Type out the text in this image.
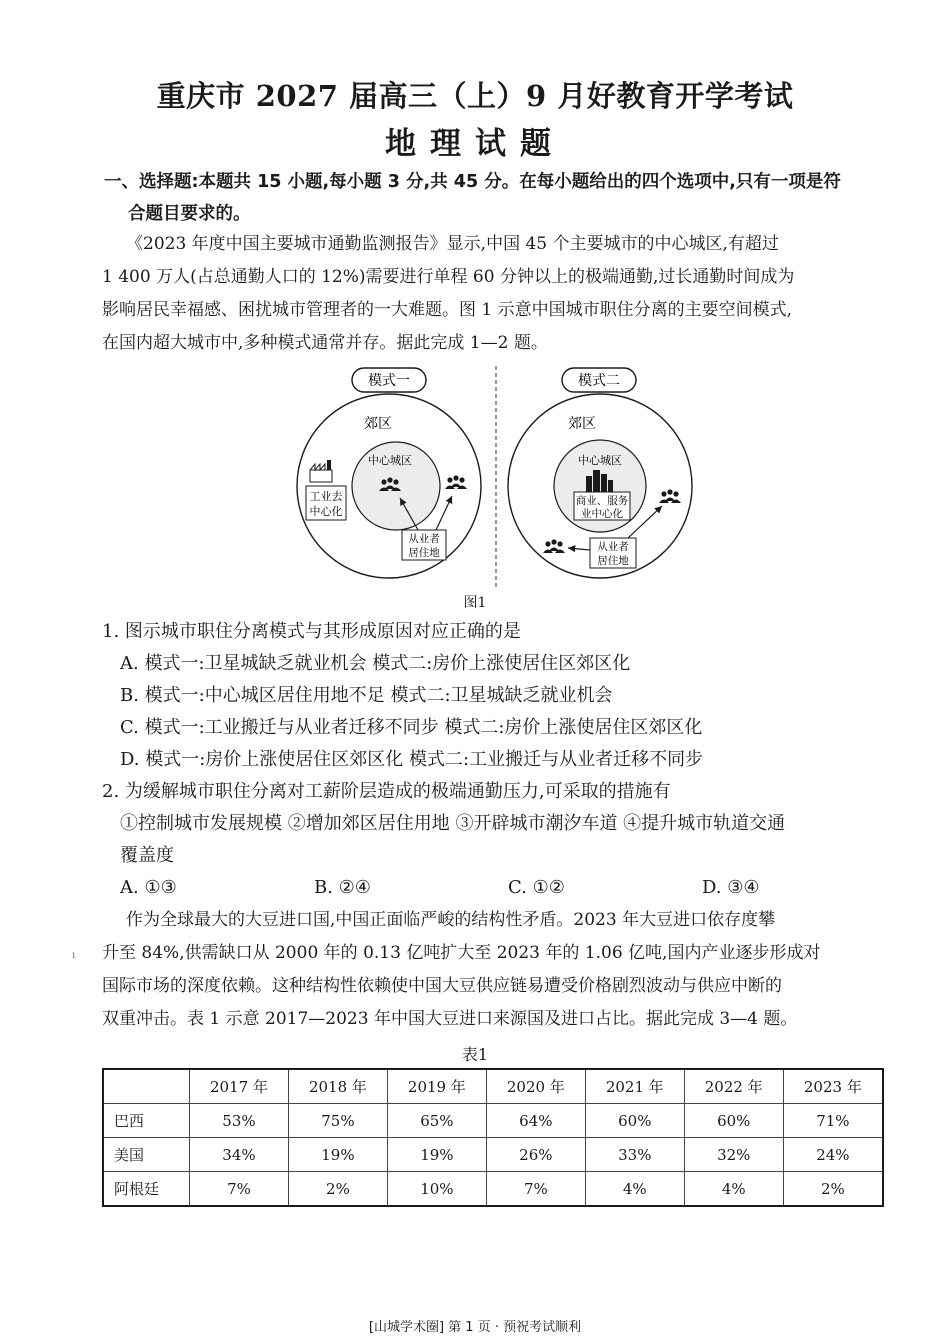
重庆市 2027 届高三（上）9 月好教育开学考试
地理试题
一、选择题:本题共 15 小题,每小题 3 分,共 45 分。在每小题给出的四个选项中,只有一项是符
合题目要求的。
《2023 年度中国主要城市通勤监测报告》显示,中国 45 个主要城市的中心城区,有超过
1 400 万人(占总通勤人口的 12%)需要进行单程 60 分钟以上的极端通勤,过长通勤时间成为
影响居民幸福感、困扰城市管理者的一大难题。图 1 示意中国城市职住分离的主要空间模式,
在国内超大城市中,多种模式通常并存。据此完成 1—2 题。
模式一
郊区
中心城区
工业去
中心化
从业者
居住地
模式二
郊区
中心城区
商业、服务
业中心化
从业者
居住地
图1
1. 图示城市职住分离模式与其形成原因对应正确的是
A. 模式一:卫星城缺乏就业机会 模式二:房价上涨使居住区郊区化
B. 模式一:中心城区居住用地不足 模式二:卫星城缺乏就业机会
C. 模式一:工业搬迁与从业者迁移不同步 模式二:房价上涨使居住区郊区化
D. 模式一:房价上涨使居住区郊区化 模式二:工业搬迁与从业者迁移不同步
2. 为缓解城市职住分离对工薪阶层造成的极端通勤压力,可采取的措施有
①控制城市发展规模 ②增加郊区居住用地 ③开辟城市潮汐车道 ④提升城市轨道交通
覆盖度
A. ①③	B. ②④	C. ①②	D. ③④
ı
作为全球最大的大豆进口国,中国正面临严峻的结构性矛盾。2023 年大豆进口依存度攀
升至 84%,供需缺口从 2000 年的 0.13 亿吨扩大至 2023 年的 1.06 亿吨,国内产业逐步形成对
国际市场的深度依赖。这种结构性依赖使中国大豆供应链易遭受价格剧烈波动与供应中断的
双重冲击。表 1 示意 2017—2023 年中国大豆进口来源国及进口占比。据此完成 3—4 题。
表1
	2017 年	2018 年	2019 年	2020 年	2021 年	2022 年	2023 年
巴西	53%	75%	65%	64%	60%	60%	71%
美国	34%	19%	19%	26%	33%	32%	24%
阿根廷	7%	2%	10%	7%	4%	4%	2%
[山城学术圈] 第 1 页 · 预祝考试顺利
